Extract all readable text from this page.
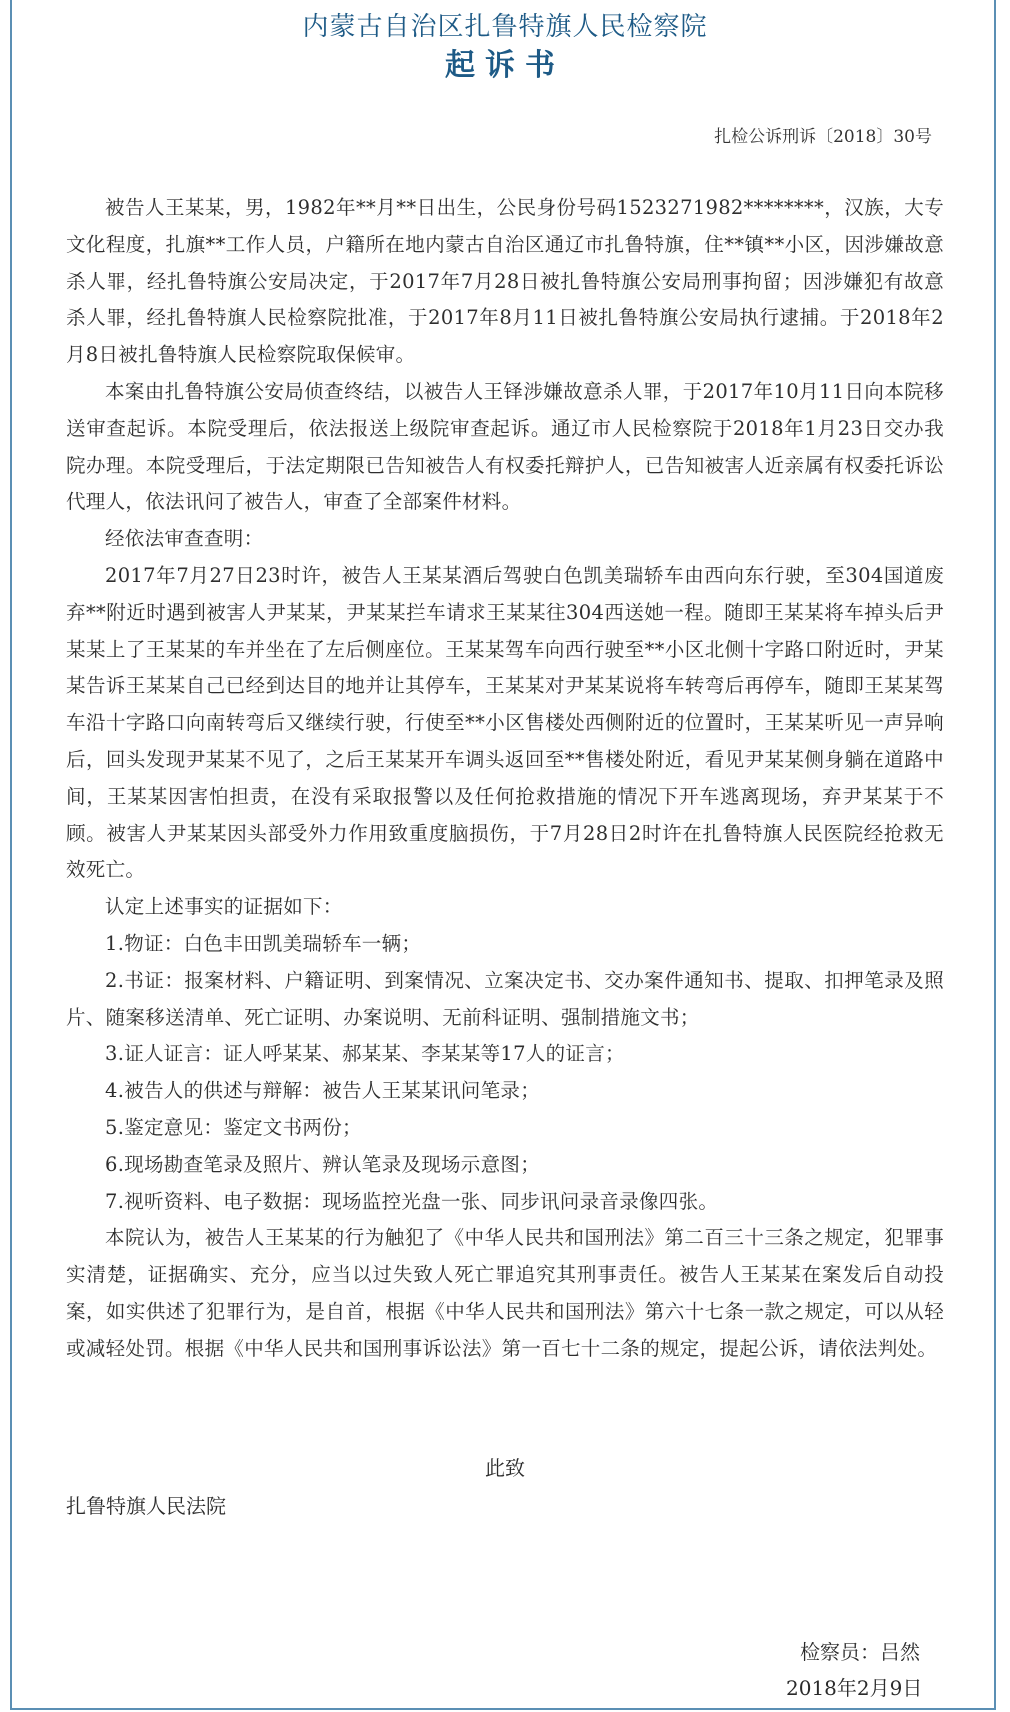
内蒙古自治区扎鲁特旗人民检察院
起诉书
扎检公诉刑诉〔2018〕30号

被告人王某某，男，1982年**月**日出生，公民身份号码1523271982********，汉族，大专文化程度，扎旗**工作人员，户籍所在地内蒙古自治区通辽市扎鲁特旗，住**镇**小区，因涉嫌故意杀人罪，经扎鲁特旗公安局决定，于2017年7月28日被扎鲁特旗公安局刑事拘留；因涉嫌犯有故意杀人罪，经扎鲁特旗人民检察院批准，于2017年8月11日被扎鲁特旗公安局执行逮捕。于2018年2月8日被扎鲁特旗人民检察院取保候审。

本案由扎鲁特旗公安局侦查终结，以被告人王铎涉嫌故意杀人罪，于2017年10月11日向本院移送审查起诉。本院受理后，依法报送上级院审查起诉。通辽市人民检察院于2018年1月23日交办我院办理。本院受理后，于法定期限已告知被告人有权委托辩护人，已告知被害人近亲属有权委托诉讼代理人，依法讯问了被告人，审查了全部案件材料。

经依法审查查明：

2017年7月27日23时许，被告人王某某酒后驾驶白色凯美瑞轿车由西向东行驶，至304国道废弃**附近时遇到被害人尹某某，尹某某拦车请求王某某往304西送她一程。随即王某某将车掉头后尹某某上了王某某的车并坐在了左后侧座位。王某某驾车向西行驶至**小区北侧十字路口附近时，尹某某告诉王某某自己已经到达目的地并让其停车，王某某对尹某某说将车转弯后再停车，随即王某某驾车沿十字路口向南转弯后又继续行驶，行使至**小区售楼处西侧附近的位置时，王某某听见一声异响后，回头发现尹某某不见了，之后王某某开车调头返回至**售楼处附近，看见尹某某侧身躺在道路中间，王某某因害怕担责，在没有采取报警以及任何抢救措施的情况下开车逃离现场，弃尹某某于不顾。被害人尹某某因头部受外力作用致重度脑损伤，于7月28日2时许在扎鲁特旗人民医院经抢救无效死亡。

认定上述事实的证据如下：

1.物证：白色丰田凯美瑞轿车一辆；

2.书证：报案材料、户籍证明、到案情况、立案决定书、交办案件通知书、提取、扣押笔录及照片、随案移送清单、死亡证明、办案说明、无前科证明、强制措施文书；

3.证人证言：证人呼某某、郝某某、李某某等17人的证言；

4.被告人的供述与辩解：被告人王某某讯问笔录；

5.鉴定意见：鉴定文书两份；

6.现场勘查笔录及照片、辨认笔录及现场示意图；

7.视听资料、电子数据：现场监控光盘一张、同步讯问录音录像四张。

本院认为，被告人王某某的行为触犯了《中华人民共和国刑法》第二百三十三条之规定，犯罪事实清楚，证据确实、充分，应当以过失致人死亡罪追究其刑事责任。被告人王某某在案发后自动投案，如实供述了犯罪行为，是自首，根据《中华人民共和国刑法》第六十七条一款之规定，可以从轻或减轻处罚。根据《中华人民共和国刑事诉讼法》第一百七十二条的规定，提起公诉，请依法判处。

此致
扎鲁特旗人民法院
检察员：吕然
2018年2月9日
